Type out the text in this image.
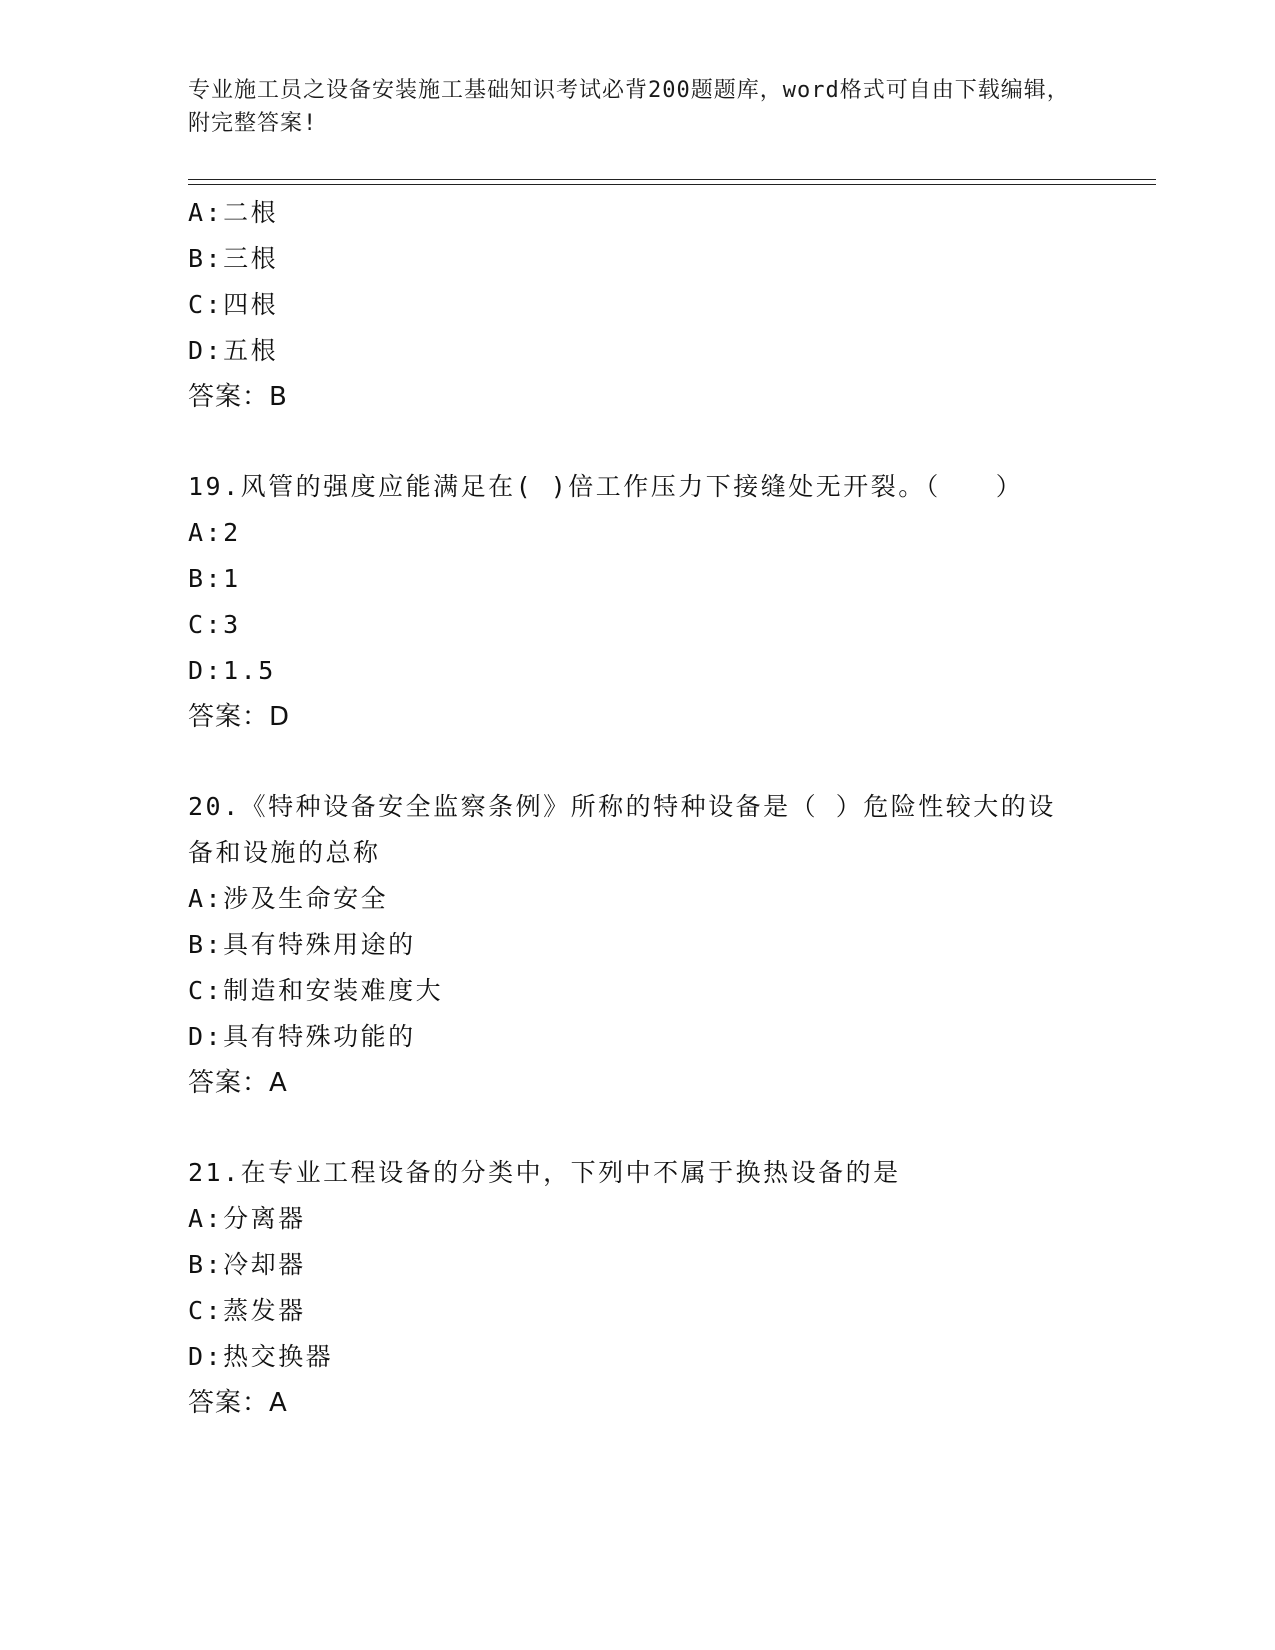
专业施工员之设备安装施工基础知识考试必背200题题库，word格式可自由下载编辑，附完整答案!
A:二根
B:三根
C:四根
D:五根
答案：B
19.风管的强度应能满足在( )倍工作压力下接缝处无开裂。（　　）
A:2
B:1
C:3
D:1.5
答案：D
20.《特种设备安全监察条例》所称的特种设备是（ ）危险性较大的设备和设施的总称
A:涉及生命安全
B:具有特殊用途的
C:制造和安装难度大
D:具有特殊功能的
答案：A
21.在专业工程设备的分类中，下列中不属于换热设备的是
A:分离器
B:冷却器
C:蒸发器
D:热交换器
答案：A
